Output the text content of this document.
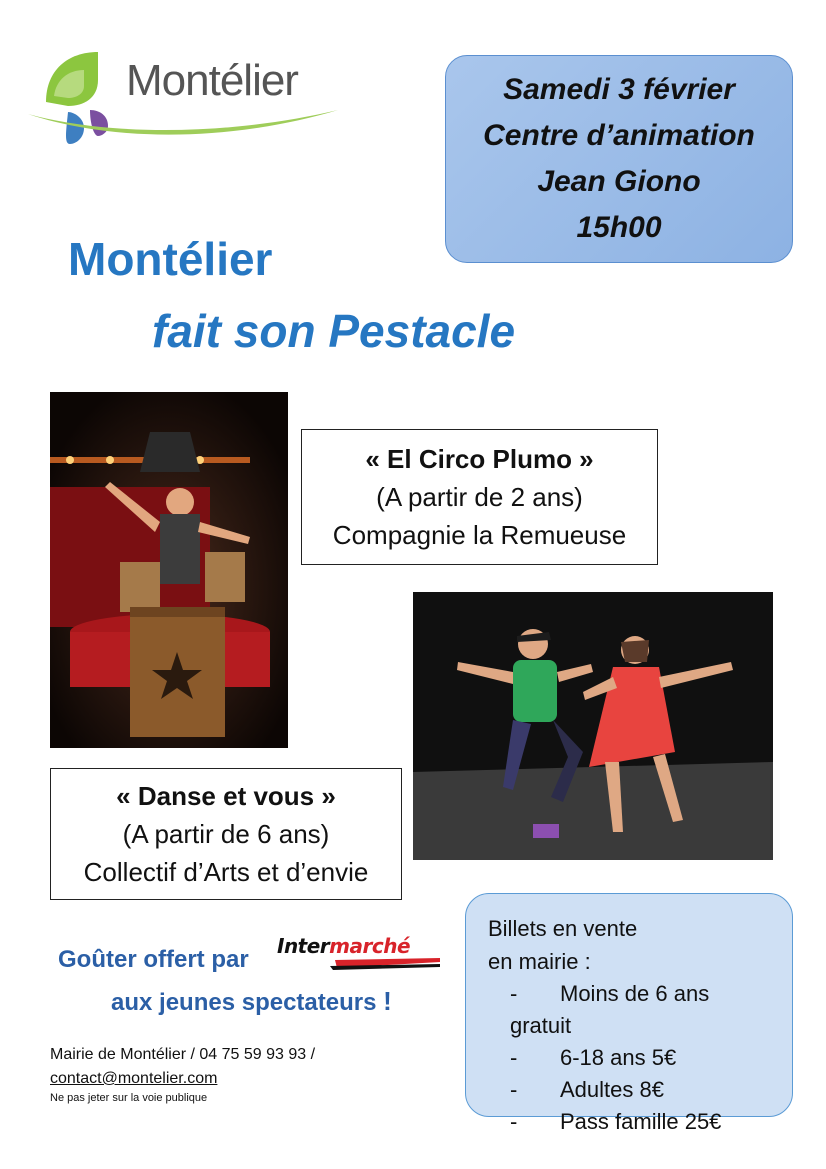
Montélier	Samedi 3 février
Centre d’animation
Jean Giono
15h00
Montélier
fait son Pestacle
« El Circo Plumo »
(A partir de 2 ans)
Compagnie la Remueuse
« Danse et vous »
(A partir de 6 ans)
Collectif d’Arts et d’envie
Goûter offert par
aux jeunes spectateurs !
Intermarché
Billets en vente
en mairie :
- Moins de 6 ans gratuit
- 6-18 ans 5€
- Adultes 8€
- Pass famille 25€
Mairie de Montélier / 04 75 59 93 93 /
contact@montelier.com
Ne pas jeter sur la voie publique
